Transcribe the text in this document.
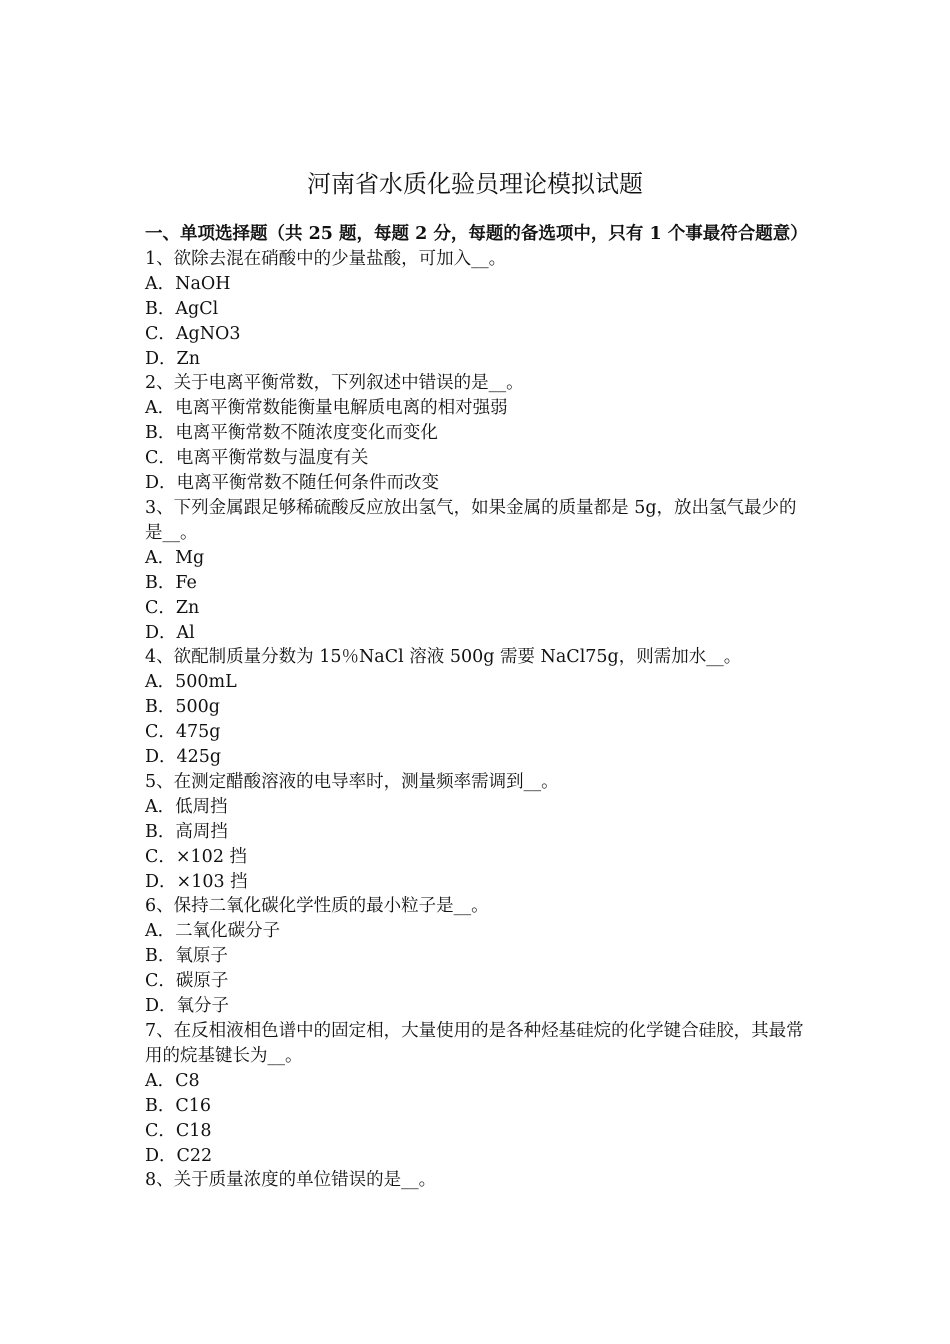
河南省水质化验员理论模拟试题

一、单项选择题（共 25 题，每题 2 分，每题的备选项中，只有 1 个事最符合题意）

1、欲除去混在硝酸中的少量盐酸，可加入__。

A．NaOH

B．AgCl

C．AgNO3

D．Zn

2、关于电离平衡常数，下列叙述中错误的是__。

A．电离平衡常数能衡量电解质电离的相对强弱

B．电离平衡常数不随浓度变化而变化

C．电离平衡常数与温度有关

D．电离平衡常数不随任何条件而改变

3、下列金属跟足够稀硫酸反应放出氢气，如果金属的质量都是 5g，放出氢气最少的是__。

A．Mg

B．Fe

C．Zn

D．Al

4、欲配制质量分数为 15％NaCl 溶液 500g 需要 NaCl75g，则需加水__。

A．500mL

B．500g

C．475g

D．425g

5、在测定醋酸溶液的电导率时，测量频率需调到__。

A．低周挡

B．高周挡

C．×102 挡

D．×103 挡

6、保持二氧化碳化学性质的最小粒子是__。

A．二氧化碳分子

B．氧原子

C．碳原子

D．氧分子

7、在反相液相色谱中的固定相，大量使用的是各种烃基硅烷的化学键合硅胶，其最常用的烷基键长为__。

A．C8

B．C16

C．C18

D．C22

8、关于质量浓度的单位错误的是__。
